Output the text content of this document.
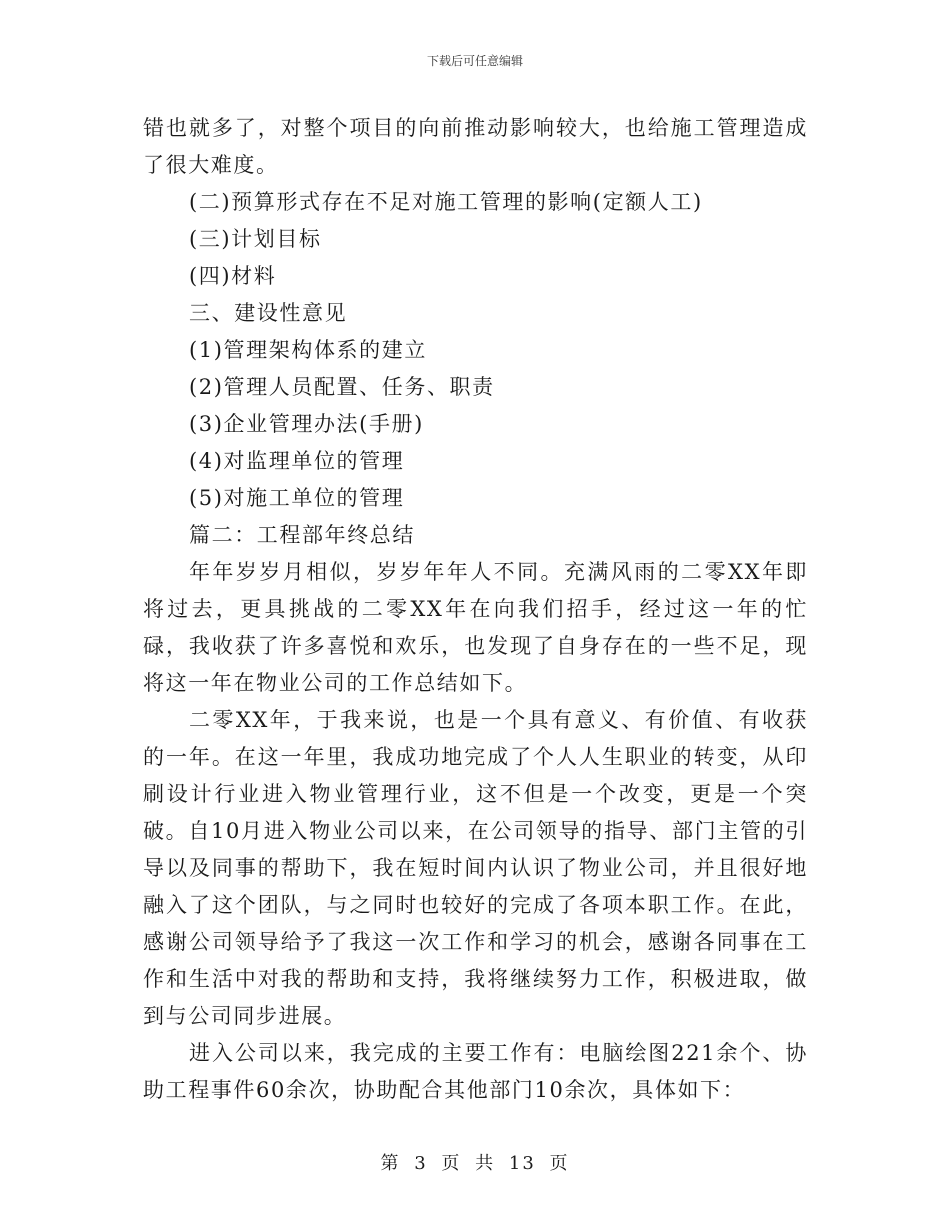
下载后可任意编辑

错也就多了，对整个项目的向前推动影响较大，也给施工管理造成了很大难度。

(二)预算形式存在不足对施工管理的影响(定额人工)

(三)计划目标

(四)材料

三、建设性意见

(1)管理架构体系的建立

(2)管理人员配置、任务、职责

(3)企业管理办法(手册)

(4)对监理单位的管理

(5)对施工单位的管理

篇二：工程部年终总结

年年岁岁月相似，岁岁年年人不同。充满风雨的二零XX年即将过去，更具挑战的二零XX年在向我们招手，经过这一年的忙碌，我收获了许多喜悦和欢乐，也发现了自身存在的一些不足，现将这一年在物业公司的工作总结如下。

二零XX年，于我来说，也是一个具有意义、有价值、有收获的一年。在这一年里，我成功地完成了个人人生职业的转变，从印刷设计行业进入物业管理行业，这不但是一个改变，更是一个突破。自10月进入物业公司以来，在公司领导的指导、部门主管的引导以及同事的帮助下，我在短时间内认识了物业公司，并且很好地融入了这个团队，与之同时也较好的完成了各项本职工作。在此，感谢公司领导给予了我这一次工作和学习的机会，感谢各同事在工作和生活中对我的帮助和支持，我将继续努力工作，积极进取，做到与公司同步进展。

进入公司以来，我完成的主要工作有：电脑绘图221余个、协助工程事件60余次，协助配合其他部门10余次，具体如下：

第 3 页 共 13 页
